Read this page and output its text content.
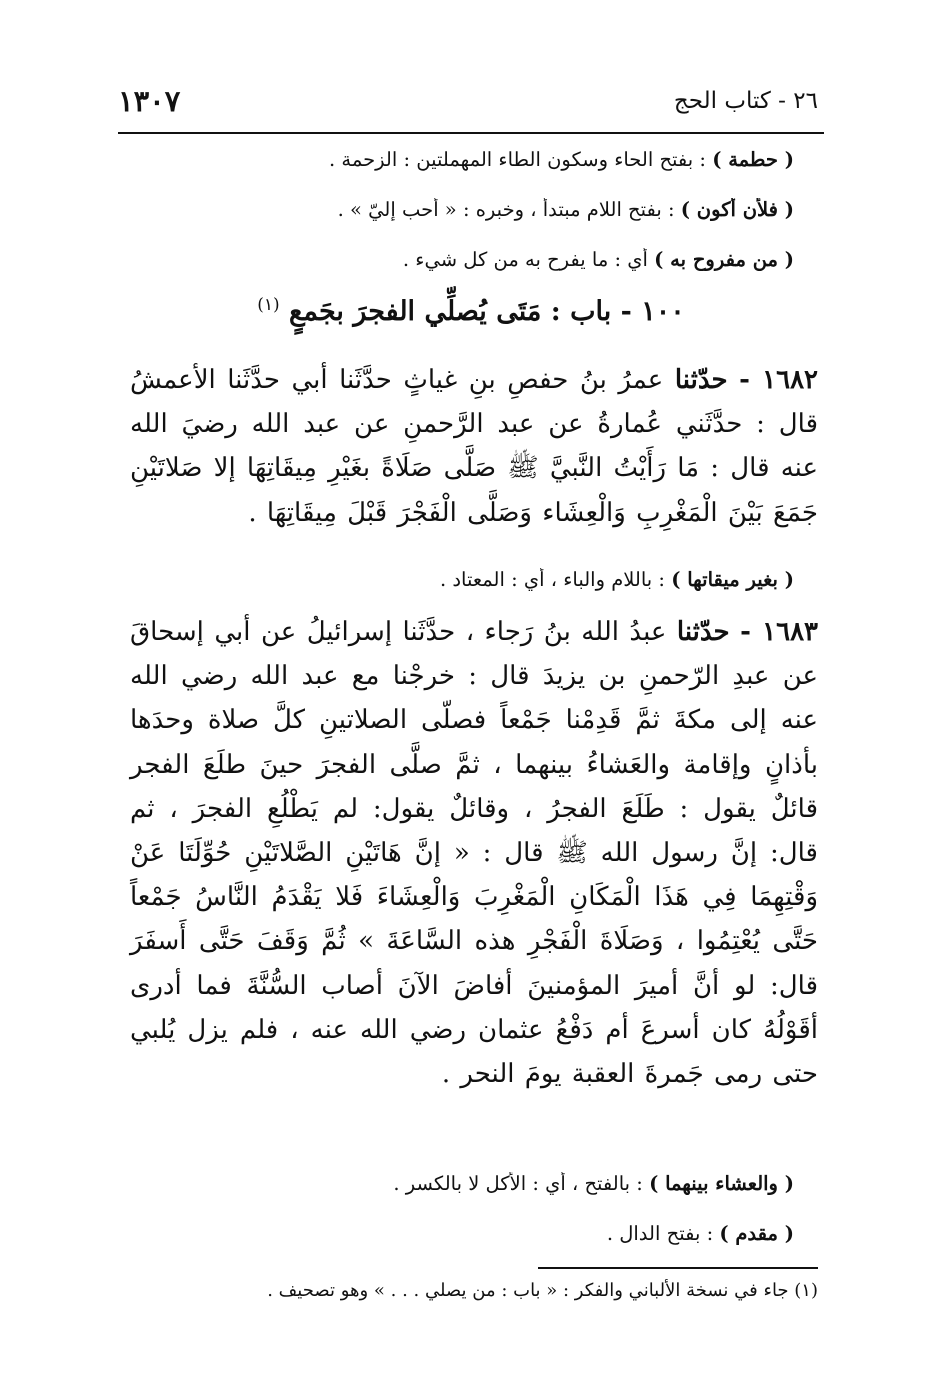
٢٦ - كتاب الحج
١٣٠٧
( حطمة ) : بفتح الحاء وسكون الطاء المهملتين : الزحمة .
( فلأن أكون ) : بفتح اللام مبتدأ ، وخبره : « أحب إليّ » .
( من مفروح به ) أي : ما يفرح به من كل شيء .
١٠٠ - باب : مَتَى يُصلِّي الفجرَ بجَمعٍ $^{(١)}$
١٦٨٢ - حدّثنا عمرُ بنُ حفصِ بنِ غياثٍ حدَّثَنا أبي حدَّثَنا الأعمشُ قال : حدَّثَني عُمارةُ عن عبد الرَّحمنِ عن عبد الله رضيَ الله عنه قال : مَا رَأَيْتُ النَّبيَّ ﷺ صَلَّى صَلَاةً بغَيْرِ مِيقَاتِهَا إلا صَلاتَيْنِ جَمَعَ بَيْنَ الْمَغْرِبِ وَالْعِشَاء وَصَلَّى الْفَجْرَ قَبْلَ مِيقَاتِهَا .
( بغير ميقاتها ) : باللام والباء ، أي : المعتاد .
١٦٨٣ - حدّثنا عبدُ الله بنُ رَجاء ، حدَّثَنا إسرائيلُ عن أبي إسحاقَ عن عبدِ الرّحمنِ بن يزيدَ قال : خرجْنا مع عبد الله رضي الله عنه إلى مكةَ ثمَّ قَدِمْنا جَمْعاً فصلّى الصلاتينِ كلَّ صلاة وحدَها بأذانٍ وإقامة والعَشاءُ بينهما ، ثمَّ صلَّى الفجرَ حينَ طلَعَ الفجر قائلٌ يقول : طَلَعَ الفجرُ ، وقائلٌ يقول: لم يَطْلُعِ الفجرَ ، ثم قال: إنَّ رسول الله ﷺ قال : « إنَّ هَاتَيْنِ الصَّلاتَيْنِ حُوِّلَتَا عَنْ وَقْتِهِمَا فِي هَذَا الْمَكَانِ الْمَغْرِبَ وَالْعِشَاءَ فَلا يَقْدَمُ النَّاسُ جَمْعاً حَتَّى يُعْتِمُوا ، وَصَلَاةَ الْفَجْرِ هذه السَّاعَةَ » ثُمَّ وَقَفَ حَتَّى أَسفَرَ قال: لو أنَّ أميرَ المؤمنينَ أفاضَ الآنَ أصاب السُّنَّةَ فما أدرى أقَوْلُهُ كان أسرعَ أم دَفْعُ عثمان رضي الله عنه ، فلم يزل يُلبي حتى رمى جَمرةَ العقبة يومَ النحر .
( والعشاء بينهما ) : بالفتح ، أي : الأكل لا بالكسر .
( مقدم ) : بفتح الدال .
(١) جاء في نسخة الألباني والفكر : « باب : من يصلي . . . » وهو تصحيف .
